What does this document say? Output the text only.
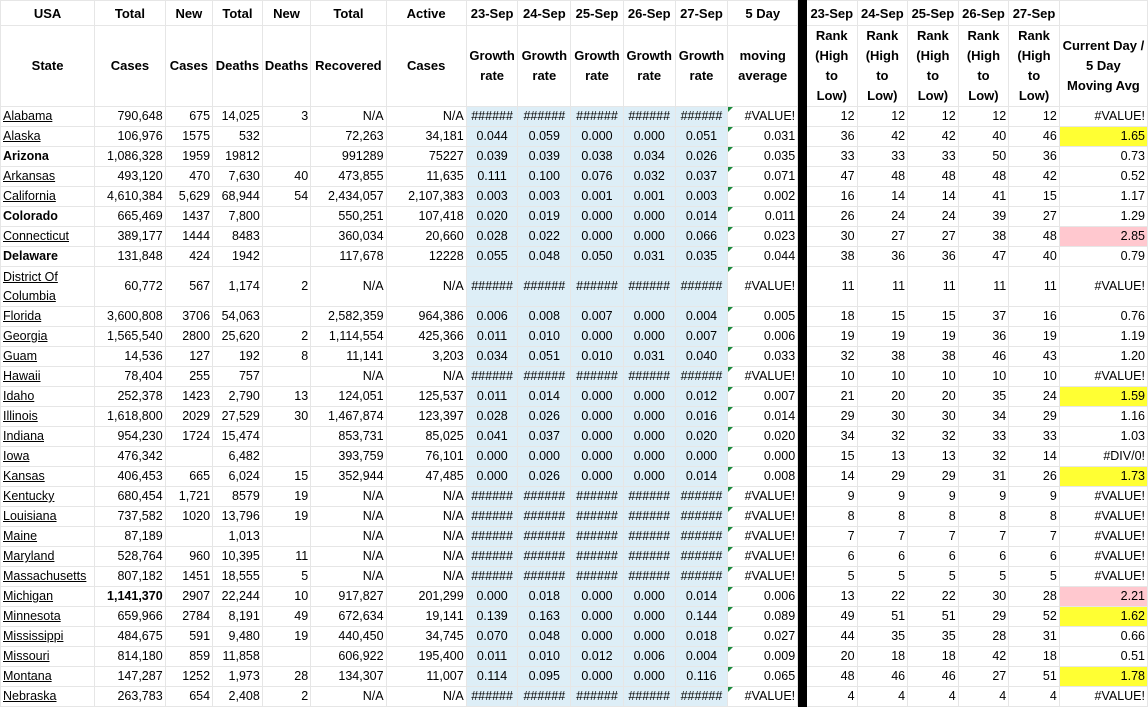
USA	Total	New	Total	New	Total	Active	23-Sep	24-Sep	25-Sep	26-Sep	27-Sep	5 Day		23-Sep	24-Sep	25-Sep	26-Sep	27-Sep	
State	Cases	Cases	Deaths	Deaths	Recovered	Cases	Growth rate	Growth rate	Growth rate	Growth rate	Growth rate	moving average		Rank (High to Low)	Rank (High to Low)	Rank (High to Low)	Rank (High to Low)	Rank (High to Low)	Current Day / 5 Day Moving Avg
Alabama	790,648	675	14,025	3	N/A	N/A	######	######	######	######	######	#VALUE!		12	12	12	12	12	#VALUE!
Alaska	106,976	1575	532		72,263	34,181	0.044	0.059	0.000	0.000	0.051	0.031		36	42	42	40	46	1.65
Arizona	1,086,328	1959	19812		991289	75227	0.039	0.039	0.038	0.034	0.026	0.035		33	33	33	50	36	0.73
Arkansas	493,120	470	7,630	40	473,855	11,635	0.111	0.100	0.076	0.032	0.037	0.071		47	48	48	48	42	0.52
California	4,610,384	5,629	68,944	54	2,434,057	2,107,383	0.003	0.003	0.001	0.001	0.003	0.002		16	14	14	41	15	1.17
Colorado	665,469	1437	7,800		550,251	107,418	0.020	0.019	0.000	0.000	0.014	0.011		26	24	24	39	27	1.29
Connecticut	389,177	1444	8483		360,034	20,660	0.028	0.022	0.000	0.000	0.066	0.023		30	27	27	38	48	2.85
Delaware	131,848	424	1942		117,678	12228	0.055	0.048	0.050	0.031	0.035	0.044		38	36	36	47	40	0.79
District Of Columbia	60,772	567	1,174	2	N/A	N/A	######	######	######	######	######	#VALUE!		11	11	11	11	11	#VALUE!
Florida	3,600,808	3706	54,063		2,582,359	964,386	0.006	0.008	0.007	0.000	0.004	0.005		18	15	15	37	16	0.76
Georgia	1,565,540	2800	25,620	2	1,114,554	425,366	0.011	0.010	0.000	0.000	0.007	0.006		19	19	19	36	19	1.19
Guam	14,536	127	192	8	11,141	3,203	0.034	0.051	0.010	0.031	0.040	0.033		32	38	38	46	43	1.20
Hawaii	78,404	255	757		N/A	N/A	######	######	######	######	######	#VALUE!		10	10	10	10	10	#VALUE!
Idaho	252,378	1423	2,790	13	124,051	125,537	0.011	0.014	0.000	0.000	0.012	0.007		21	20	20	35	24	1.59
Illinois	1,618,800	2029	27,529	30	1,467,874	123,397	0.028	0.026	0.000	0.000	0.016	0.014		29	30	30	34	29	1.16
Indiana	954,230	1724	15,474		853,731	85,025	0.041	0.037	0.000	0.000	0.020	0.020		34	32	32	33	33	1.03
Iowa	476,342		6,482		393,759	76,101	0.000	0.000	0.000	0.000	0.000	0.000		15	13	13	32	14	#DIV/0!
Kansas	406,453	665	6,024	15	352,944	47,485	0.000	0.026	0.000	0.000	0.014	0.008		14	29	29	31	26	1.73
Kentucky	680,454	1,721	8579	19	N/A	N/A	######	######	######	######	######	#VALUE!		9	9	9	9	9	#VALUE!
Louisiana	737,582	1020	13,796	19	N/A	N/A	######	######	######	######	######	#VALUE!		8	8	8	8	8	#VALUE!
Maine	87,189		1,013		N/A	N/A	######	######	######	######	######	#VALUE!		7	7	7	7	7	#VALUE!
Maryland	528,764	960	10,395	11	N/A	N/A	######	######	######	######	######	#VALUE!		6	6	6	6	6	#VALUE!
Massachusetts	807,182	1451	18,555	5	N/A	N/A	######	######	######	######	######	#VALUE!		5	5	5	5	5	#VALUE!
Michigan	1,141,370	2907	22,244	10	917,827	201,299	0.000	0.018	0.000	0.000	0.014	0.006		13	22	22	30	28	2.21
Minnesota	659,966	2784	8,191	49	672,634	19,141	0.139	0.163	0.000	0.000	0.144	0.089		49	51	51	29	52	1.62
Mississippi	484,675	591	9,480	19	440,450	34,745	0.070	0.048	0.000	0.000	0.018	0.027		44	35	35	28	31	0.66
Missouri	814,180	859	11,858		606,922	195,400	0.011	0.010	0.012	0.006	0.004	0.009		20	18	18	42	18	0.51
Montana	147,287	1252	1,973	28	134,307	11,007	0.114	0.095	0.000	0.000	0.116	0.065		48	46	46	27	51	1.78
Nebraska	263,783	654	2,408	2	N/A	N/A	######	######	######	######	######	#VALUE!		4	4	4	4	4	#VALUE!
